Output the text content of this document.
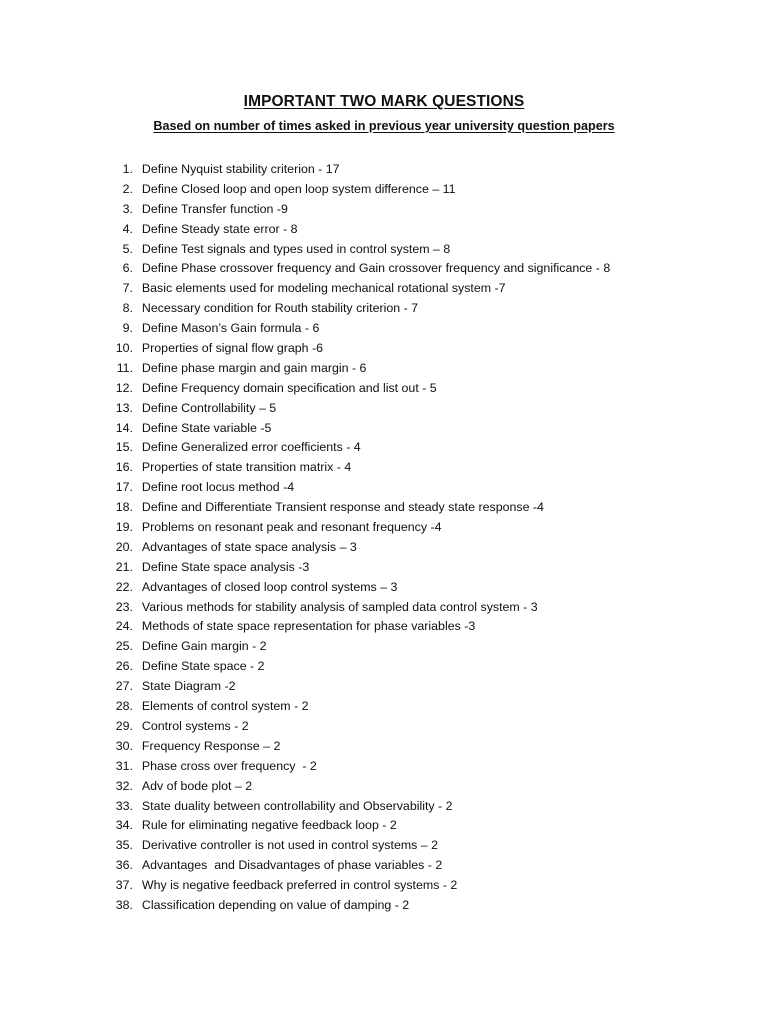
IMPORTANT TWO MARK QUESTIONS
Based on number of times asked in previous year university question papers
1. Define Nyquist stability criterion - 17
2. Define Closed loop and open loop system difference – 11
3. Define Transfer function -9
4. Define Steady state error - 8
5. Define Test signals and types used in control system – 8
6. Define Phase crossover frequency and Gain crossover frequency and significance - 8
7. Basic elements used for modeling mechanical rotational system -7
8. Necessary condition for Routh stability criterion - 7
9. Define Mason’s Gain formula - 6
10. Properties of signal flow graph -6
11. Define phase margin and gain margin - 6
12. Define Frequency domain specification and list out - 5
13. Define Controllability – 5
14. Define State variable -5
15. Define Generalized error coefficients - 4
16. Properties of state transition matrix - 4
17. Define root locus method -4
18. Define and Differentiate Transient response and steady state response -4
19. Problems on resonant peak and resonant frequency -4
20. Advantages of state space analysis – 3
21. Define State space analysis -3
22. Advantages of closed loop control systems – 3
23. Various methods for stability analysis of sampled data control system - 3
24. Methods of state space representation for phase variables -3
25. Define Gain margin - 2
26. Define State space - 2
27. State Diagram -2
28. Elements of control system - 2
29. Control systems - 2
30. Frequency Response – 2
31. Phase cross over frequency  - 2
32. Adv of bode plot – 2
33. State duality between controllability and Observability - 2
34. Rule for eliminating negative feedback loop - 2
35. Derivative controller is not used in control systems – 2
36. Advantages  and Disadvantages of phase variables - 2
37. Why is negative feedback preferred in control systems - 2
38. Classification depending on value of damping - 2
